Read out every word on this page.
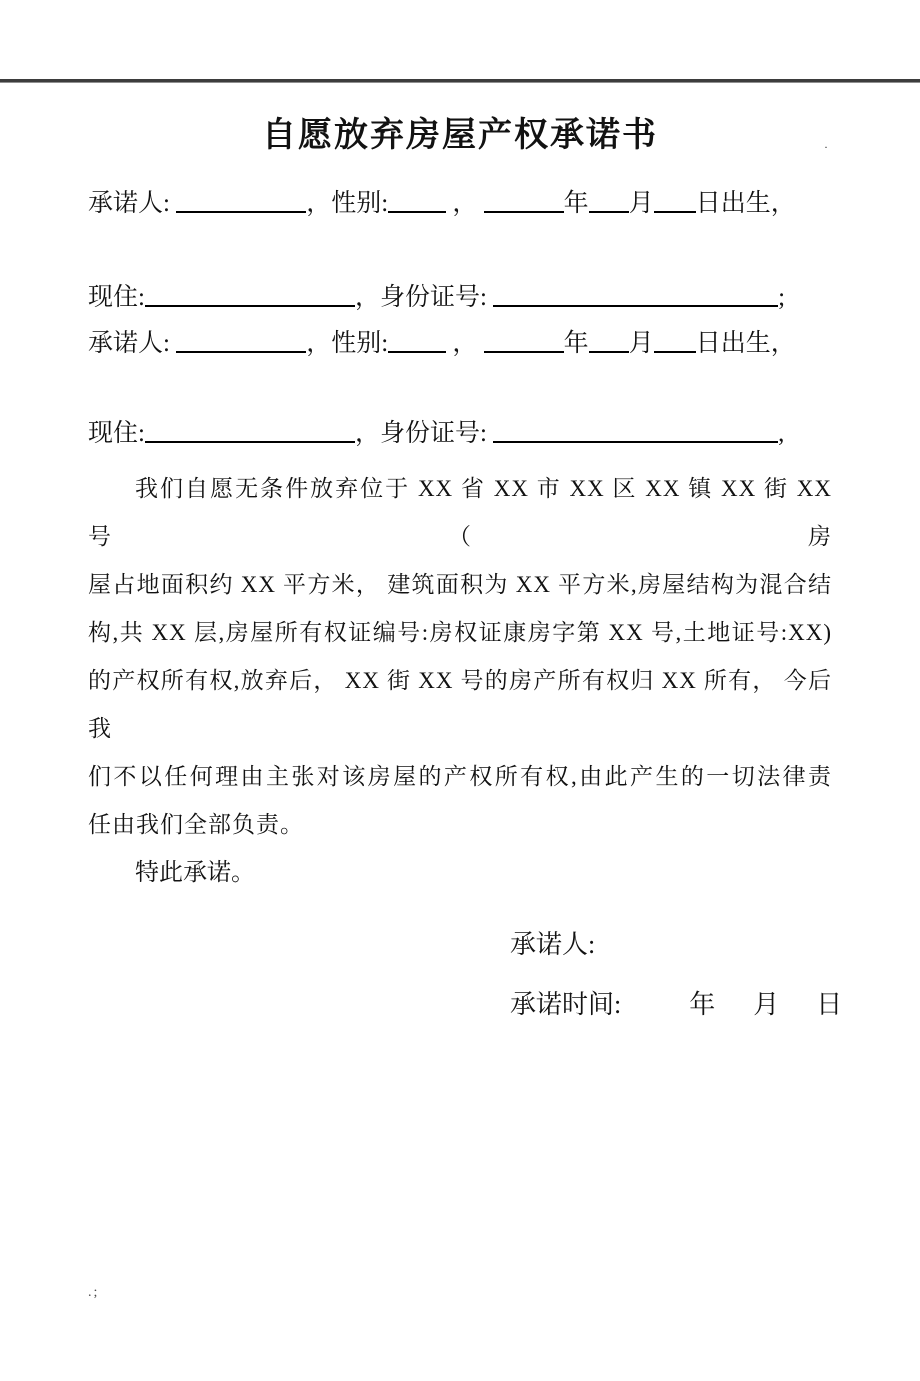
·
自愿放弃房屋产权承诺书
承诺人:	，性别: ，	年 月 日出生，
现住:	，身份证号:	;
承诺人:	，性别: ，	年 月 日出生，
现住:	，身份证号:	,
我们自愿无条件放弃位于 XX 省 XX 市 XX 区 XX 镇 XX 街 XX 号（房
屋占地面积约 XX 平方米， 建筑面积为 XX 平方米,房屋结构为混合结
构,共 XX 层,房屋所有权证编号:房权证康房字第 XX 号,土地证号:XX)
的产权所有权,放弃后， XX 街 XX 号的房产所有权归 XX 所有， 今后我
们不以任何理由主张对该房屋的产权所有权,由此产生的一切法律责
任由我们全部负责。
特此承诺。
承诺人:
承诺时间:	年 月 日
.;
